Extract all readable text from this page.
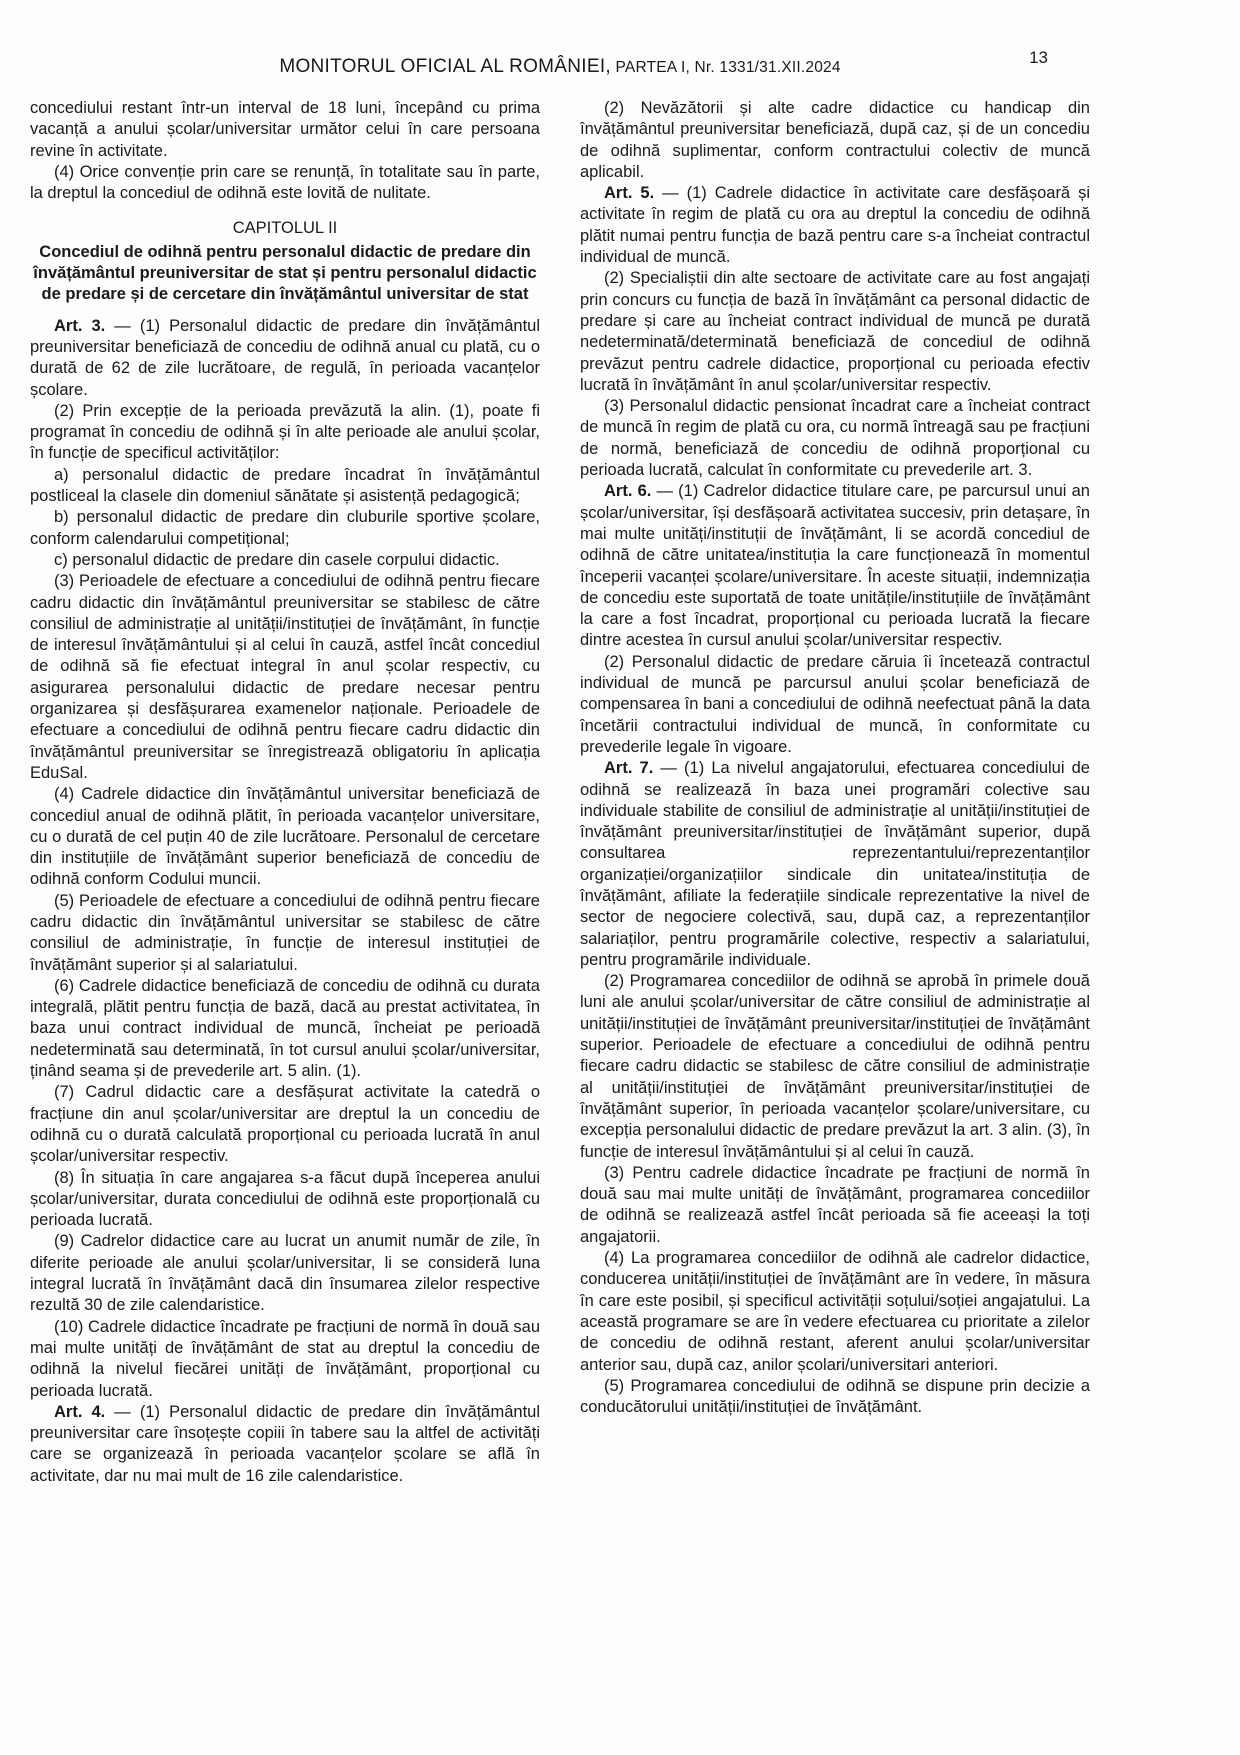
MONITORUL OFICIAL AL ROMÂNIEI, PARTEA I, Nr. 1331/31.XII.2024
13

concediului restant într-un interval de 18 luni, începând cu prima vacanță a anului școlar/universitar următor celui în care persoana revine în activitate.

(4) Orice convenție prin care se renunță, în totalitate sau în parte, la dreptul la concediul de odihnă este lovită de nulitate.

CAPITOLUL II

Concediul de odihnă pentru personalul didactic de predare din învățământul preuniversitar de stat și pentru personalul didactic de predare și de cercetare din învățământul universitar de stat

Art. 3. — (1) Personalul didactic de predare din învățământul preuniversitar beneficiază de concediu de odihnă anual cu plată, cu o durată de 62 de zile lucrătoare, de regulă, în perioada vacanțelor școlare.

(2) Prin excepție de la perioada prevăzută la alin. (1), poate fi programat în concediu de odihnă și în alte perioade ale anului școlar, în funcție de specificul activităților:

a) personalul didactic de predare încadrat în învățământul postliceal la clasele din domeniul sănătate și asistență pedagogică;

b) personalul didactic de predare din cluburile sportive școlare, conform calendarului competițional;

c) personalul didactic de predare din casele corpului didactic.

(3) Perioadele de efectuare a concediului de odihnă pentru fiecare cadru didactic din învățământul preuniversitar se stabilesc de către consiliul de administrație al unității/instituției de învățământ, în funcție de interesul învățământului și al celui în cauză, astfel încât concediul de odihnă să fie efectuat integral în anul școlar respectiv, cu asigurarea personalului didactic de predare necesar pentru organizarea și desfășurarea examenelor naționale. Perioadele de efectuare a concediului de odihnă pentru fiecare cadru didactic din învățământul preuniversitar se înregistrează obligatoriu în aplicația EduSal.

(4) Cadrele didactice din învățământul universitar beneficiază de concediul anual de odihnă plătit, în perioada vacanțelor universitare, cu o durată de cel puțin 40 de zile lucrătoare. Personalul de cercetare din instituțiile de învățământ superior beneficiază de concediu de odihnă conform Codului muncii.

(5) Perioadele de efectuare a concediului de odihnă pentru fiecare cadru didactic din învățământul universitar se stabilesc de către consiliul de administrație, în funcție de interesul instituției de învățământ superior și al salariatului.

(6) Cadrele didactice beneficiază de concediu de odihnă cu durata integrală, plătit pentru funcția de bază, dacă au prestat activitatea, în baza unui contract individual de muncă, încheiat pe perioadă nedeterminată sau determinată, în tot cursul anului școlar/universitar, ținând seama și de prevederile art. 5 alin. (1).

(7) Cadrul didactic care a desfășurat activitate la catedră o fracțiune din anul școlar/universitar are dreptul la un concediu de odihnă cu o durată calculată proporțional cu perioada lucrată în anul școlar/universitar respectiv.

(8) În situația în care angajarea s-a făcut după începerea anului școlar/universitar, durata concediului de odihnă este proporțională cu perioada lucrată.

(9) Cadrelor didactice care au lucrat un anumit număr de zile, în diferite perioade ale anului școlar/universitar, li se consideră luna integral lucrată în învățământ dacă din însumarea zilelor respective rezultă 30 de zile calendaristice.

(10) Cadrele didactice încadrate pe fracțiuni de normă în două sau mai multe unități de învățământ de stat au dreptul la concediu de odihnă la nivelul fiecărei unități de învățământ, proporțional cu perioada lucrată.

Art. 4. — (1) Personalul didactic de predare din învățământul preuniversitar care însoțește copiii în tabere sau la altfel de activități care se organizează în perioada vacanțelor școlare se află în activitate, dar nu mai mult de 16 zile calendaristice.

(2) Nevăzătorii și alte cadre didactice cu handicap din învățământul preuniversitar beneficiază, după caz, și de un concediu de odihnă suplimentar, conform contractului colectiv de muncă aplicabil.

Art. 5. — (1) Cadrele didactice în activitate care desfășoară și activitate în regim de plată cu ora au dreptul la concediu de odihnă plătit numai pentru funcția de bază pentru care s-a încheiat contractul individual de muncă.

(2) Specialiștii din alte sectoare de activitate care au fost angajați prin concurs cu funcția de bază în învățământ ca personal didactic de predare și care au încheiat contract individual de muncă pe durată nedeterminată/determinată beneficiază de concediul de odihnă prevăzut pentru cadrele didactice, proporțional cu perioada efectiv lucrată în învățământ în anul școlar/universitar respectiv.

(3) Personalul didactic pensionat încadrat care a încheiat contract de muncă în regim de plată cu ora, cu normă întreagă sau pe fracțiuni de normă, beneficiază de concediu de odihnă proporțional cu perioada lucrată, calculat în conformitate cu prevederile art. 3.

Art. 6. — (1) Cadrelor didactice titulare care, pe parcursul unui an școlar/universitar, își desfășoară activitatea succesiv, prin detașare, în mai multe unități/instituții de învățământ, li se acordă concediul de odihnă de către unitatea/instituția la care funcționează în momentul începerii vacanței școlare/universitare. În aceste situații, indemnizația de concediu este suportată de toate unitățile/instituțiile de învățământ la care a fost încadrat, proporțional cu perioada lucrată la fiecare dintre acestea în cursul anului școlar/universitar respectiv.

(2) Personalul didactic de predare căruia îi încetează contractul individual de muncă pe parcursul anului școlar beneficiază de compensarea în bani a concediului de odihnă neefectuat până la data încetării contractului individual de muncă, în conformitate cu prevederile legale în vigoare.

Art. 7. — (1) La nivelul angajatorului, efectuarea concediului de odihnă se realizează în baza unei programări colective sau individuale stabilite de consiliul de administrație al unității/instituției de învățământ preuniversitar/instituției de învățământ superior, după consultarea reprezentantului/reprezentanților organizației/organizațiilor sindicale din unitatea/instituția de învățământ, afiliate la federațiile sindicale reprezentative la nivel de sector de negociere colectivă, sau, după caz, a reprezentanților salariaților, pentru programările colective, respectiv a salariatului, pentru programările individuale.

(2) Programarea concediilor de odihnă se aprobă în primele două luni ale anului școlar/universitar de către consiliul de administrație al unității/instituției de învățământ preuniversitar/instituției de învățământ superior. Perioadele de efectuare a concediului de odihnă pentru fiecare cadru didactic se stabilesc de către consiliul de administrație al unității/instituției de învățământ preuniversitar/instituției de învățământ superior, în perioada vacanțelor școlare/universitare, cu excepția personalului didactic de predare prevăzut la art. 3 alin. (3), în funcție de interesul învățământului și al celui în cauză.

(3) Pentru cadrele didactice încadrate pe fracțiuni de normă în două sau mai multe unități de învățământ, programarea concediilor de odihnă se realizează astfel încât perioada să fie aceeași la toți angajatorii.

(4) La programarea concediilor de odihnă ale cadrelor didactice, conducerea unității/instituției de învățământ are în vedere, în măsura în care este posibil, și specificul activității soțului/soției angajatului. La această programare se are în vedere efectuarea cu prioritate a zilelor de concediu de odihnă restant, aferent anului școlar/universitar anterior sau, după caz, anilor școlari/universitari anteriori.

(5) Programarea concediului de odihnă se dispune prin decizie a conducătorului unității/instituției de învățământ.
